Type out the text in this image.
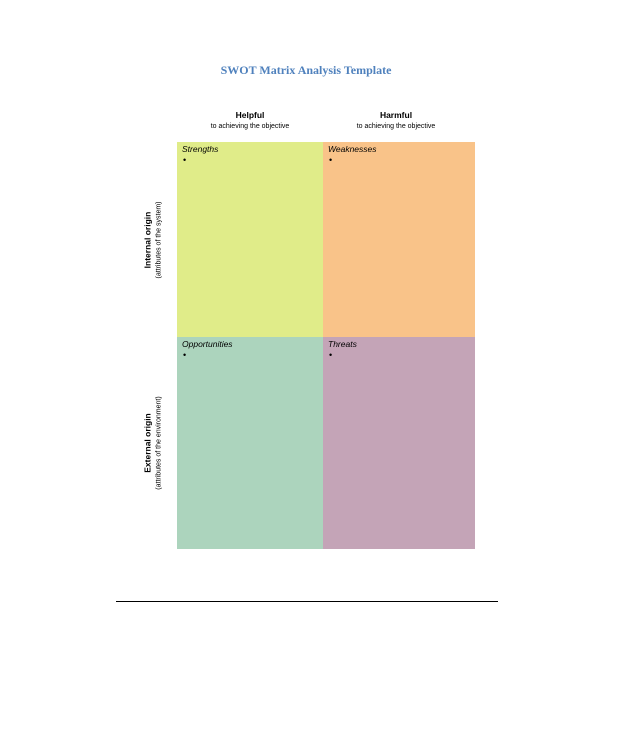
SWOT Matrix Analysis Template
Helpful
to achieving the objective
Harmful
to achieving the objective
Internal origin (attributes of the system)
External origin (attributes of the environment)
Strengths
•
Weaknesses
•
Opportunities
•
Threats
•
